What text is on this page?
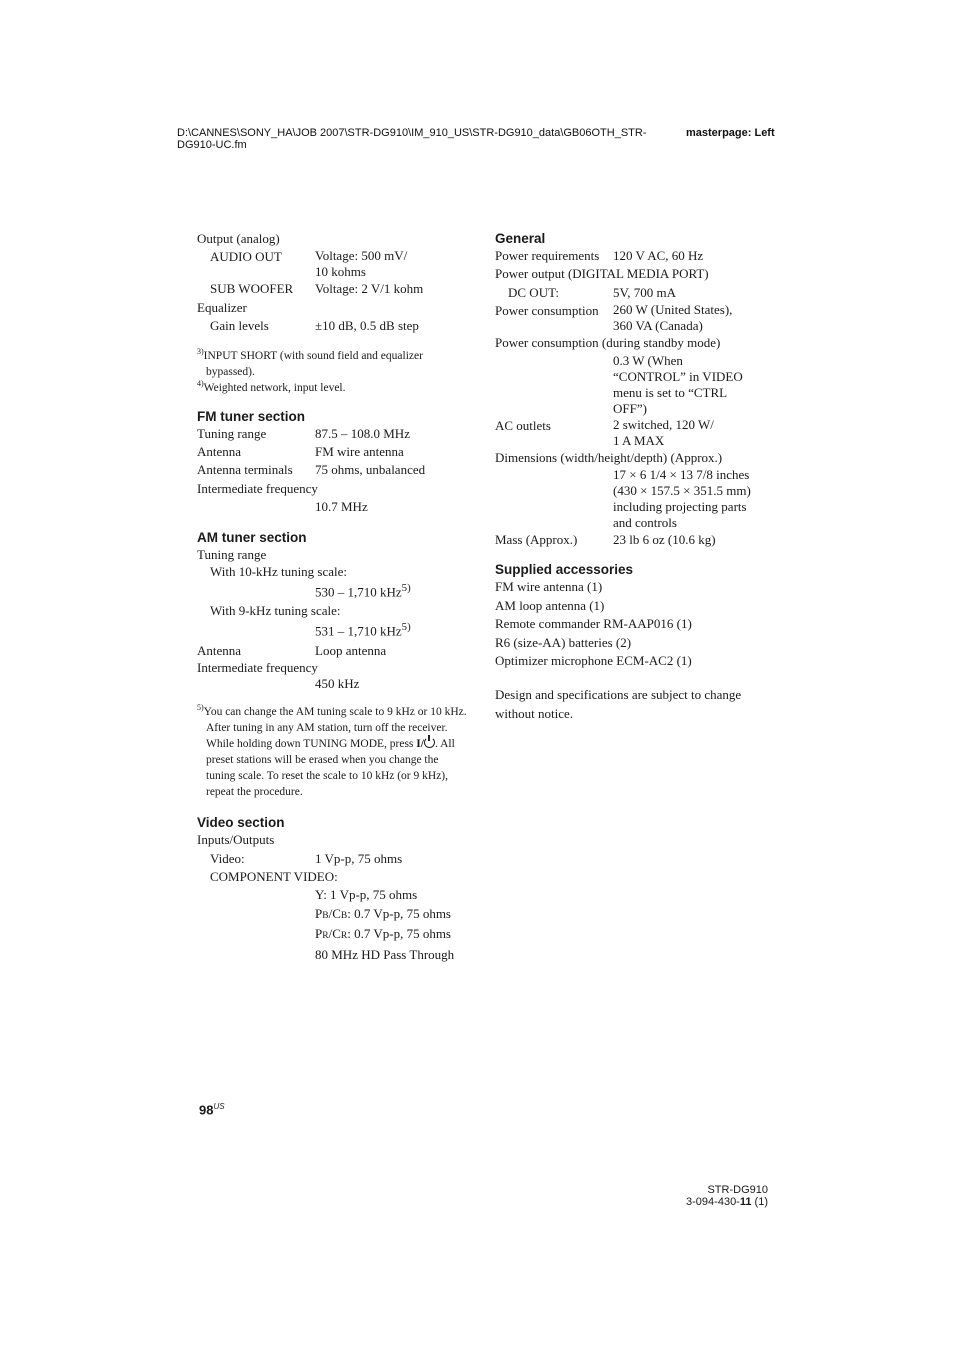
D:\CANNES\SONY_HA\JOB 2007\STR-DG910\IM_910_US\STR-DG910_data\GB06OTH_STR-DG910-UC.fm
masterpage: Left
Output (analog)
AUDIO OUT	Voltage: 500 mV/
10 kohms
SUB WOOFER	Voltage: 2 V/1 kohm
Equalizer
Gain levels	±10 dB, 0.5 dB step
$^{3)}$INPUT SHORT (with sound field and equalizer bypassed).
$^{4)}$Weighted network, input level.
FM tuner section
Tuning range	87.5 – 108.0 MHz
Antenna	FM wire antenna
Antenna terminals	75 ohms, unbalanced
Intermediate frequency
10.7 MHz
AM tuner section
Tuning range
With 10-kHz tuning scale:
530 – 1,710 kHz$^{5)}$
With 9-kHz tuning scale:
531 – 1,710 kHz$^{5)}$
Antenna	Loop antenna
Intermediate frequency
450 kHz
$^{5)}$You can change the AM tuning scale to 9 kHz or 10 kHz. After tuning in any AM station, turn off the receiver. While holding down TUNING MODE, press I/ . All preset stations will be erased when you change the tuning scale. To reset the scale to 10 kHz (or 9 kHz), repeat the procedure.
Video section
Inputs/Outputs
Video:	1 Vp-p, 75 ohms
COMPONENT VIDEO:
Y: 1 Vp-p, 75 ohms
PB/CB: 0.7 Vp-p, 75 ohms
PR/CR: 0.7 Vp-p, 75 ohms
80 MHz HD Pass Through
General
Power requirements	120 V AC, 60 Hz
Power output (DIGITAL MEDIA PORT)
DC OUT:	5V, 700 mA
Power consumption	260 W (United States),
360 VA (Canada)
Power consumption (during standby mode)
0.3 W (When
“CONTROL” in VIDEO
menu is set to “CTRL
OFF”)
AC outlets	2 switched, 120 W/
1 A MAX
Dimensions (width/height/depth) (Approx.)
17 × 6 1/4 × 13 7/8 inches
(430 × 157.5 × 351.5 mm)
including projecting parts
and controls
Mass (Approx.)	23 lb 6 oz (10.6 kg)
Supplied accessories
FM wire antenna (1)
AM loop antenna (1)
Remote commander RM-AAP016 (1)
R6 (size-AA) batteries (2)
Optimizer microphone ECM-AC2 (1)
Design and specifications are subject to change without notice.
$98^{US}$
STR-DG910
3-094-430-11 (1)
